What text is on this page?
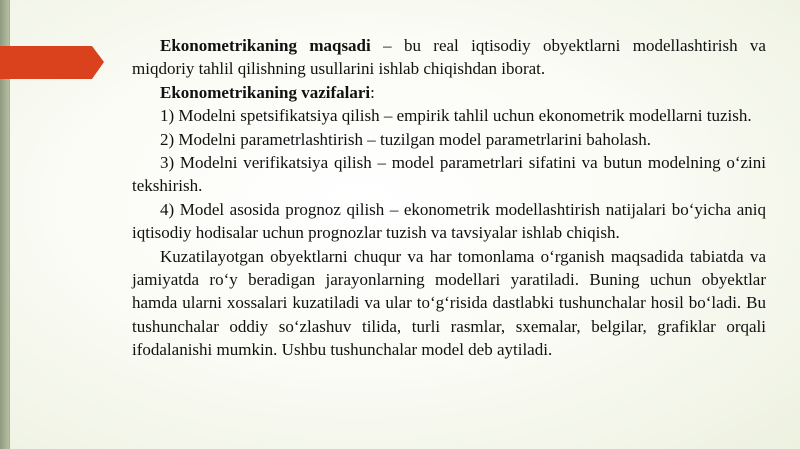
Ekonometrikaning maqsadi – bu real iqtisodiy obyektlarni modellashtirish va miqdoriy tahlil qilishning usullarini ishlab chiqishdan iborat.

Ekonometrikaning vazifalari:

1) Modelni spetsifikatsiya qilish – empirik tahlil uchun ekonometrik modellarni tuzish.

2) Modelni parametrlashtirish – tuzilgan model parametrlarini baholash.

3) Modelni verifikatsiya qilish – model parametrlari sifatini va butun modelning o‘zini tekshirish.

4) Model asosida prognoz qilish – ekonometrik modellashtirish natijalari bo‘yicha aniq iqtisodiy hodisalar uchun prognozlar tuzish va tavsiyalar ishlab chiqish.

Kuzatilayotgan obyektlarni chuqur va har tomonlama o‘rganish maqsadida tabiatda va jamiyatda ro‘y beradigan jarayonlarning modellari yaratiladi. Buning uchun obyektlar hamda ularni xossalari kuzatiladi va ular to‘g‘risida dastlabki tushunchalar hosil bo‘ladi. Bu tushunchalar oddiy so‘zlashuv tilida, turli rasmlar, sxemalar, belgilar, grafiklar orqali ifodalanishi mumkin. Ushbu tushunchalar model deb aytiladi.
